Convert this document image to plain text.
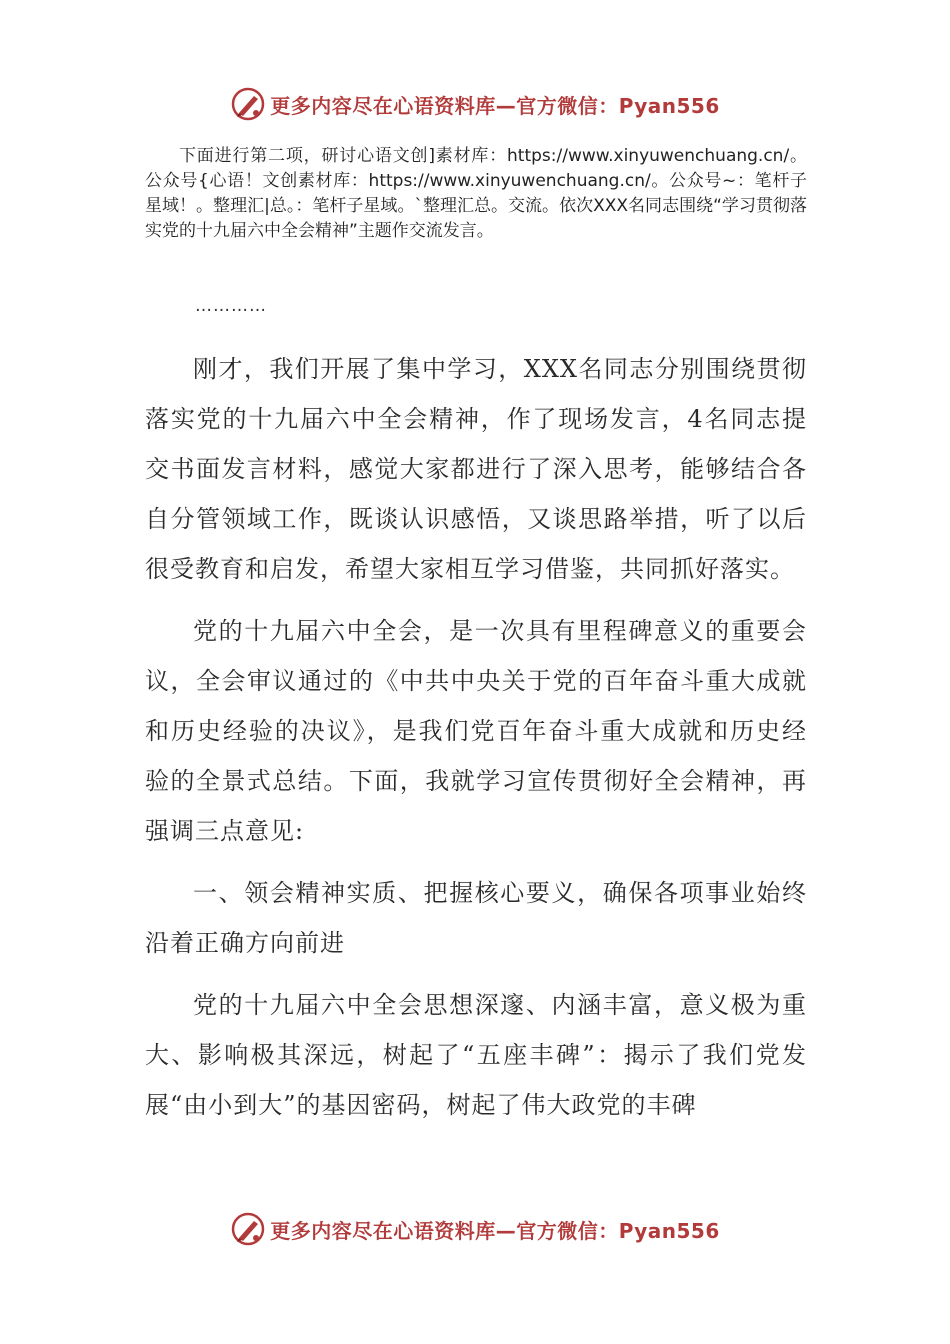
更多内容尽在心语资料库—官方微信：Pyan556

下面进行第二项，研讨心语文创]素材库：https://www.xinyuwenchuang.cn/。公众号{心语！文创素材库：https://www.xinyuwenchuang.cn/。公众号~：笔杆子星域！。整理汇|总。：笔杆子星域。`整理汇总。交流。依次XXX名同志围绕“学习贯彻落实党的十九届六中全会精神”主题作交流发言。

…………

刚才，我们开展了集中学习，XXX名同志分别围绕贯彻落实党的十九届六中全会精神，作了现场发言，4名同志提交书面发言材料，感觉大家都进行了深入思考，能够结合各自分管领域工作，既谈认识感悟，又谈思路举措，听了以后很受教育和启发，希望大家相互学习借鉴，共同抓好落实。

党的十九届六中全会，是一次具有里程碑意义的重要会议，全会审议通过的《中共中央关于党的百年奋斗重大成就和历史经验的决议》，是我们党百年奋斗重大成就和历史经验的全景式总结。下面，我就学习宣传贯彻好全会精神，再强调三点意见:

一、领会精神实质、把握核心要义，确保各项事业始终沿着正确方向前进

党的十九届六中全会思想深邃、内涵丰富，意义极为重大、影响极其深远，树起了“五座丰碑”：揭示了我们党发展“由小到大”的基因密码，树起了伟大政党的丰碑

更多内容尽在心语资料库—官方微信：Pyan556
